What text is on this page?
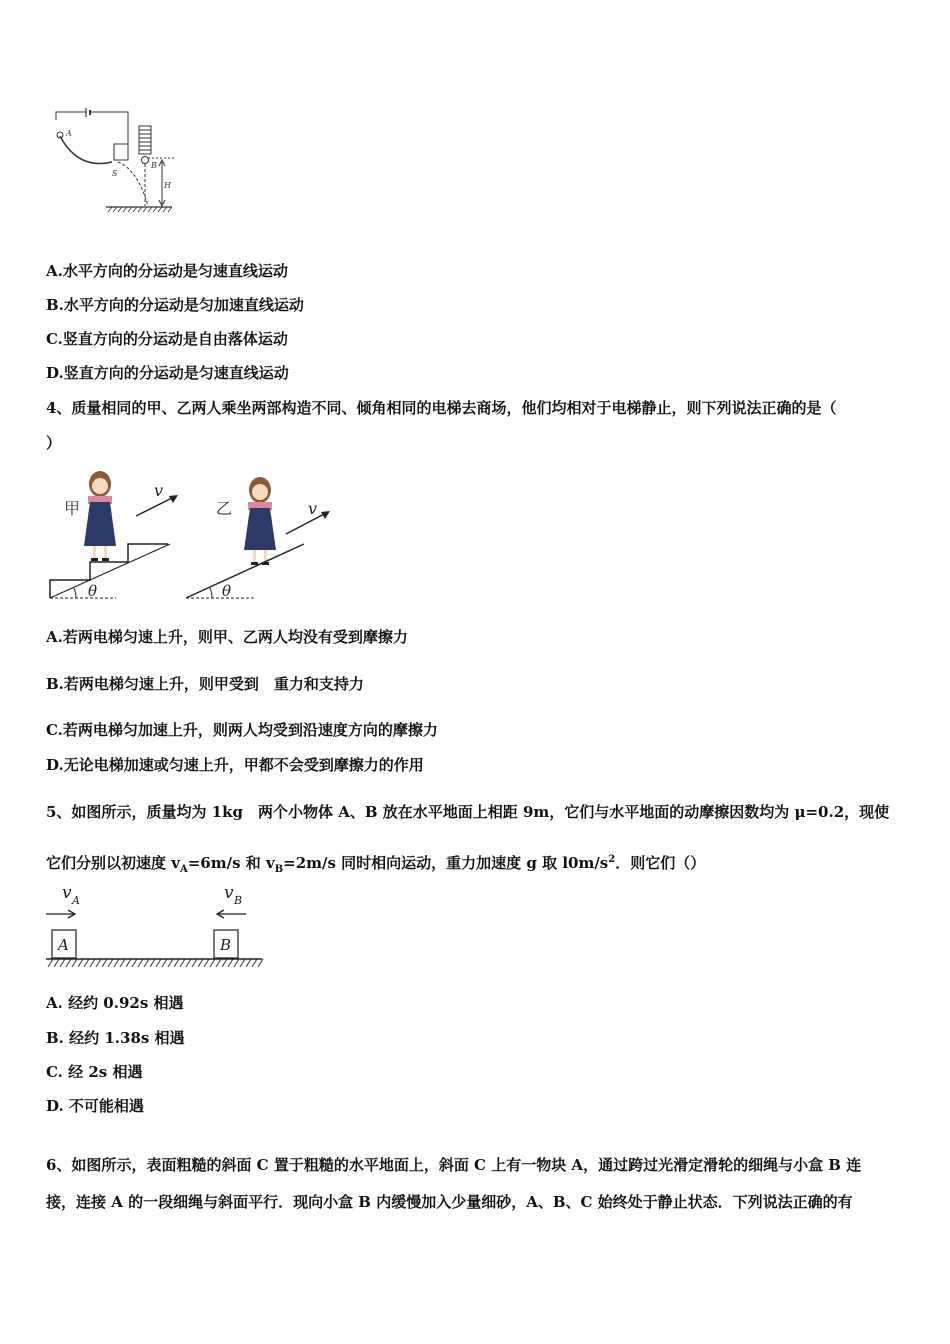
A
S
B
H
A.水平方向的分运动是匀速直线运动
B.水平方向的分运动是匀加速直线运动
C.竖直方向的分运动是自由落体运动
D.竖直方向的分运动是匀速直线运动
4、质量相同的甲、乙两人乘坐两部构造不同、倾角相同的电梯去商场，他们均相对于电梯静止，则下列说法正确的是（
）
甲
v
θ
乙	v
θ
A.若两电梯匀速上升，则甲、乙两人均没有受到摩擦力
B.若两电梯匀速上升，则甲受到　重力和支持力
C.若两电梯匀加速上升，则两人均受到沿速度方向的摩擦力
D.无论电梯加速或匀速上升，甲都不会受到摩擦力的作用
5、如图所示，质量均为 1kg　两个小物体 A、B 放在水平地面上相距 9m，它们与水平地面的动摩擦因数均为 μ=0.2，现使
它们分别以初速度 $v_A=6m/s$ 和 $v_B=2m/s$ 同时相向运动，重力加速度 g 取 $l0m/s^2$．则它们（）
v A	v B
A	B
A. 经约 0.92s 相遇
B. 经约 1.38s 相遇
C. 经 2s 相遇
D. 不可能相遇
6、如图所示，表面粗糙的斜面 C 置于粗糙的水平地面上，斜面 C 上有一物块 A，通过跨过光滑定滑轮的细绳与小盒 B 连
接，连接 A 的一段细绳与斜面平行．现向小盒 B 内缓慢加入少量细砂，A、B、C 始终处于静止状态．下列说法正确的有
